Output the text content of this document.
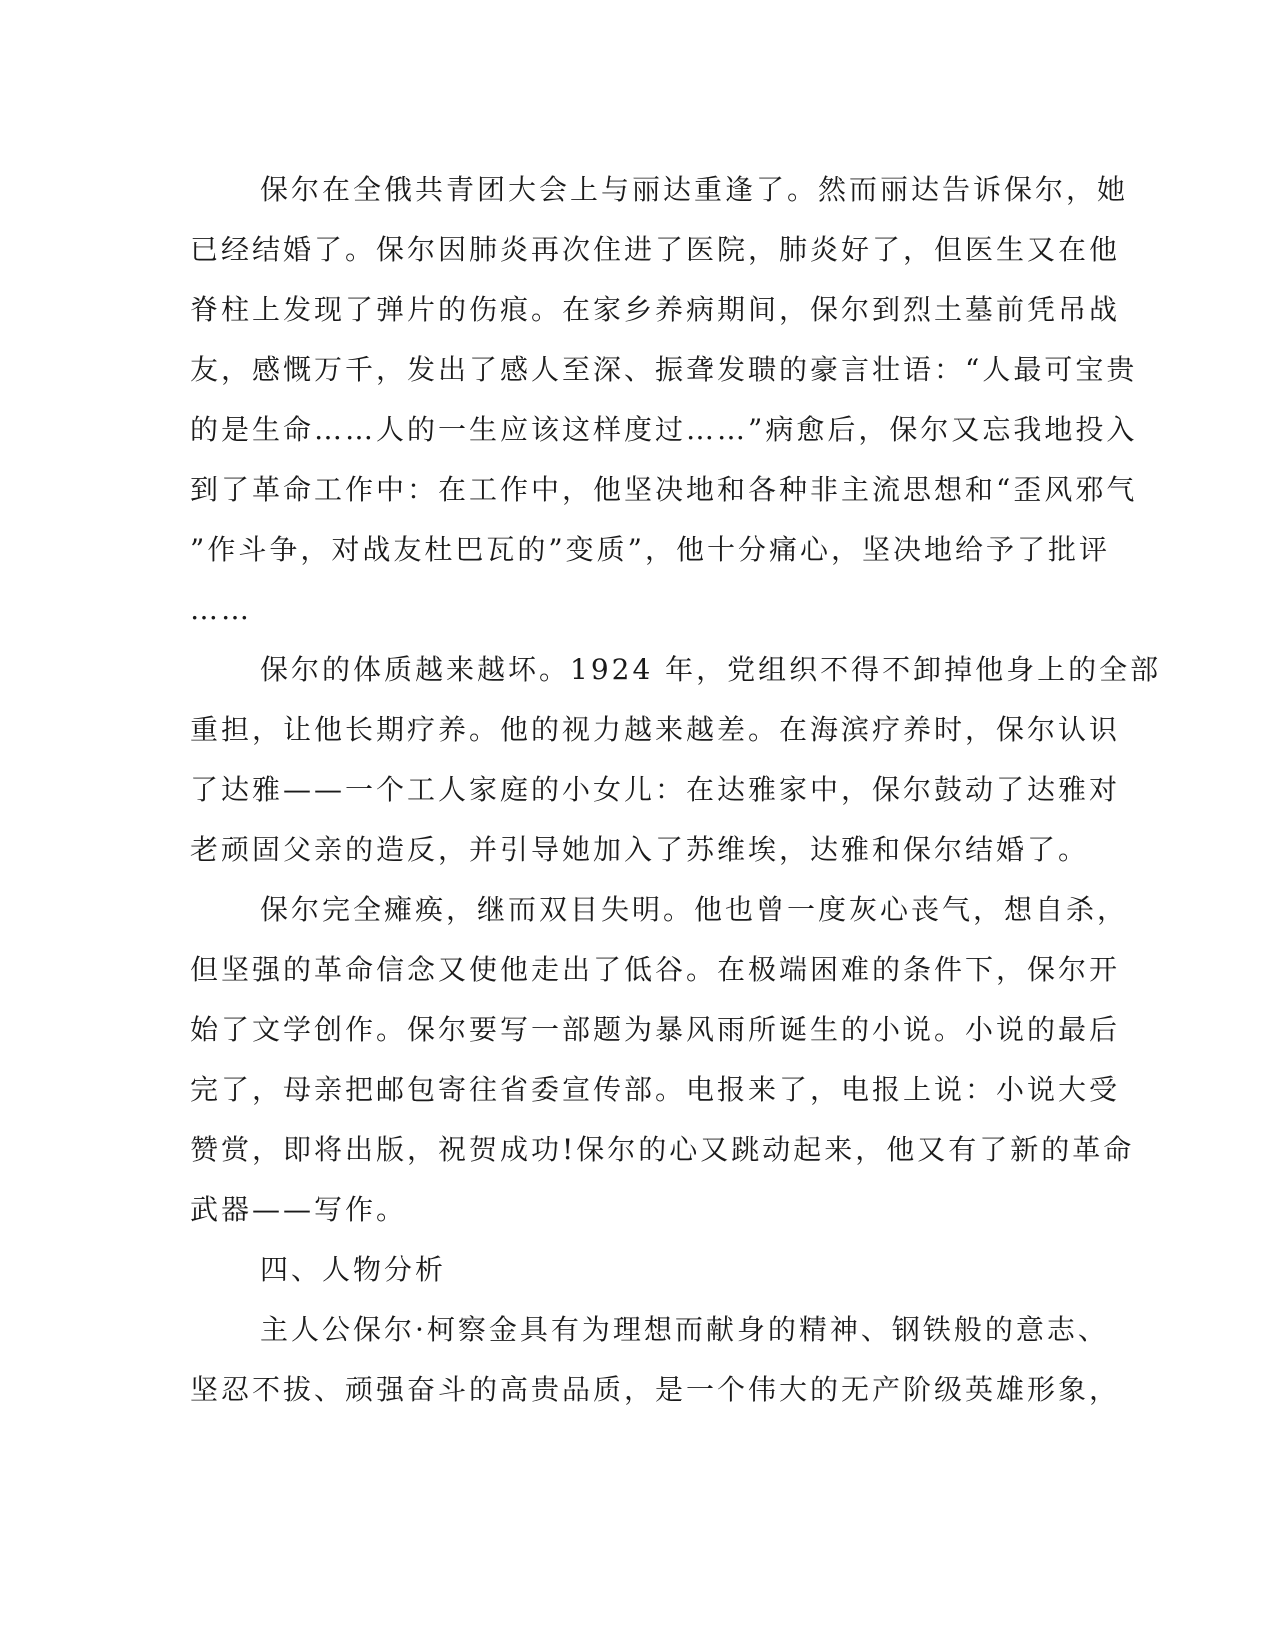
保尔在全俄共青团大会上与丽达重逢了。然而丽达告诉保尔，她
已经结婚了。保尔因肺炎再次住进了医院，肺炎好了，但医生又在他
脊柱上发现了弹片的伤痕。在家乡养病期间，保尔到烈土墓前凭吊战
友，感慨万千，发出了感人至深、振聋发聩的豪言壮语：“人最可宝贵
的是生命……人的一生应该这样度过……”病愈后，保尔又忘我地投入
到了革命工作中：在工作中，他坚决地和各种非主流思想和“歪风邪气
”作斗争，对战友杜巴瓦的”变质”，他十分痛心，坚决地给予了批评
……

保尔的体质越来越坏。1924 年，党组织不得不卸掉他身上的全部
重担，让他长期疗养。他的视力越来越差。在海滨疗养时，保尔认识
了达雅——一个工人家庭的小女儿：在达雅家中，保尔鼓动了达雅对
老顽固父亲的造反，并引导她加入了苏维埃，达雅和保尔结婚了。

保尔完全瘫痪，继而双目失明。他也曾一度灰心丧气，想自杀，
但坚强的革命信念又使他走出了低谷。在极端困难的条件下，保尔开
始了文学创作。保尔要写一部题为暴风雨所诞生的小说。小说的最后
完了，母亲把邮包寄往省委宣传部。电报来了，电报上说：小说大受
赞赏，即将出版，祝贺成功!保尔的心又跳动起来，他又有了新的革命
武器——写作。

四、人物分析

主人公保尔·柯察金具有为理想而献身的精神、钢铁般的意志、
坚忍不拔、顽强奋斗的高贵品质，是一个伟大的无产阶级英雄形象，
